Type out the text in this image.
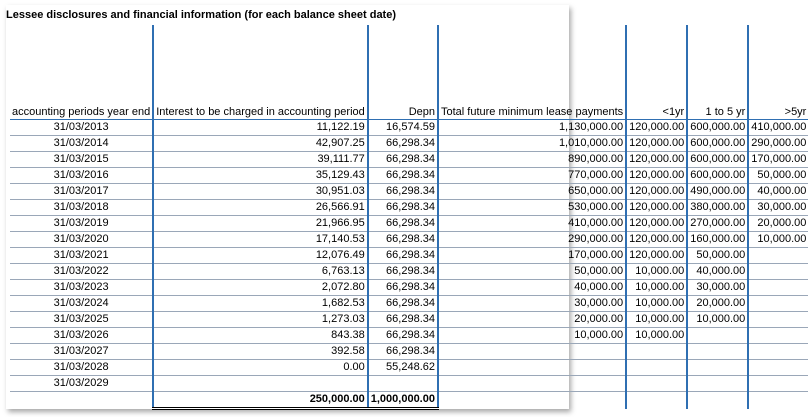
Lessee disclosures and financial information (for each balance sheet date)
accounting periods year end	Interest to be charged in accounting period	Depn	Total future minimum lease payments	<1yr	1 to 5 yr	>5yr
31/03/2013	11,122.19	16,574.59	1,130,000.00	120,000.00	600,000.00	410,000.00
31/03/2014	42,907.25	66,298.34	1,010,000.00	120,000.00	600,000.00	290,000.00
31/03/2015	39,111.77	66,298.34	890,000.00	120,000.00	600,000.00	170,000.00
31/03/2016	35,129.43	66,298.34	770,000.00	120,000.00	600,000.00	50,000.00
31/03/2017	30,951.03	66,298.34	650,000.00	120,000.00	490,000.00	40,000.00
31/03/2018	26,566.91	66,298.34	530,000.00	120,000.00	380,000.00	30,000.00
31/03/2019	21,966.95	66,298.34	410,000.00	120,000.00	270,000.00	20,000.00
31/03/2020	17,140.53	66,298.34	290,000.00	120,000.00	160,000.00	10,000.00
31/03/2021	12,076.49	66,298.34	170,000.00	120,000.00	50,000.00	
31/03/2022	6,763.13	66,298.34	50,000.00	10,000.00	40,000.00	
31/03/2023	2,072.80	66,298.34	40,000.00	10,000.00	30,000.00	
31/03/2024	1,682.53	66,298.34	30,000.00	10,000.00	20,000.00	
31/03/2025	1,273.03	66,298.34	20,000.00	10,000.00	10,000.00	
31/03/2026	843.38	66,298.34	10,000.00	10,000.00		
31/03/2027	392.58	66,298.34				
31/03/2028	0.00	55,248.62				
31/03/2029						
	250,000.00	1,000,000.00				
